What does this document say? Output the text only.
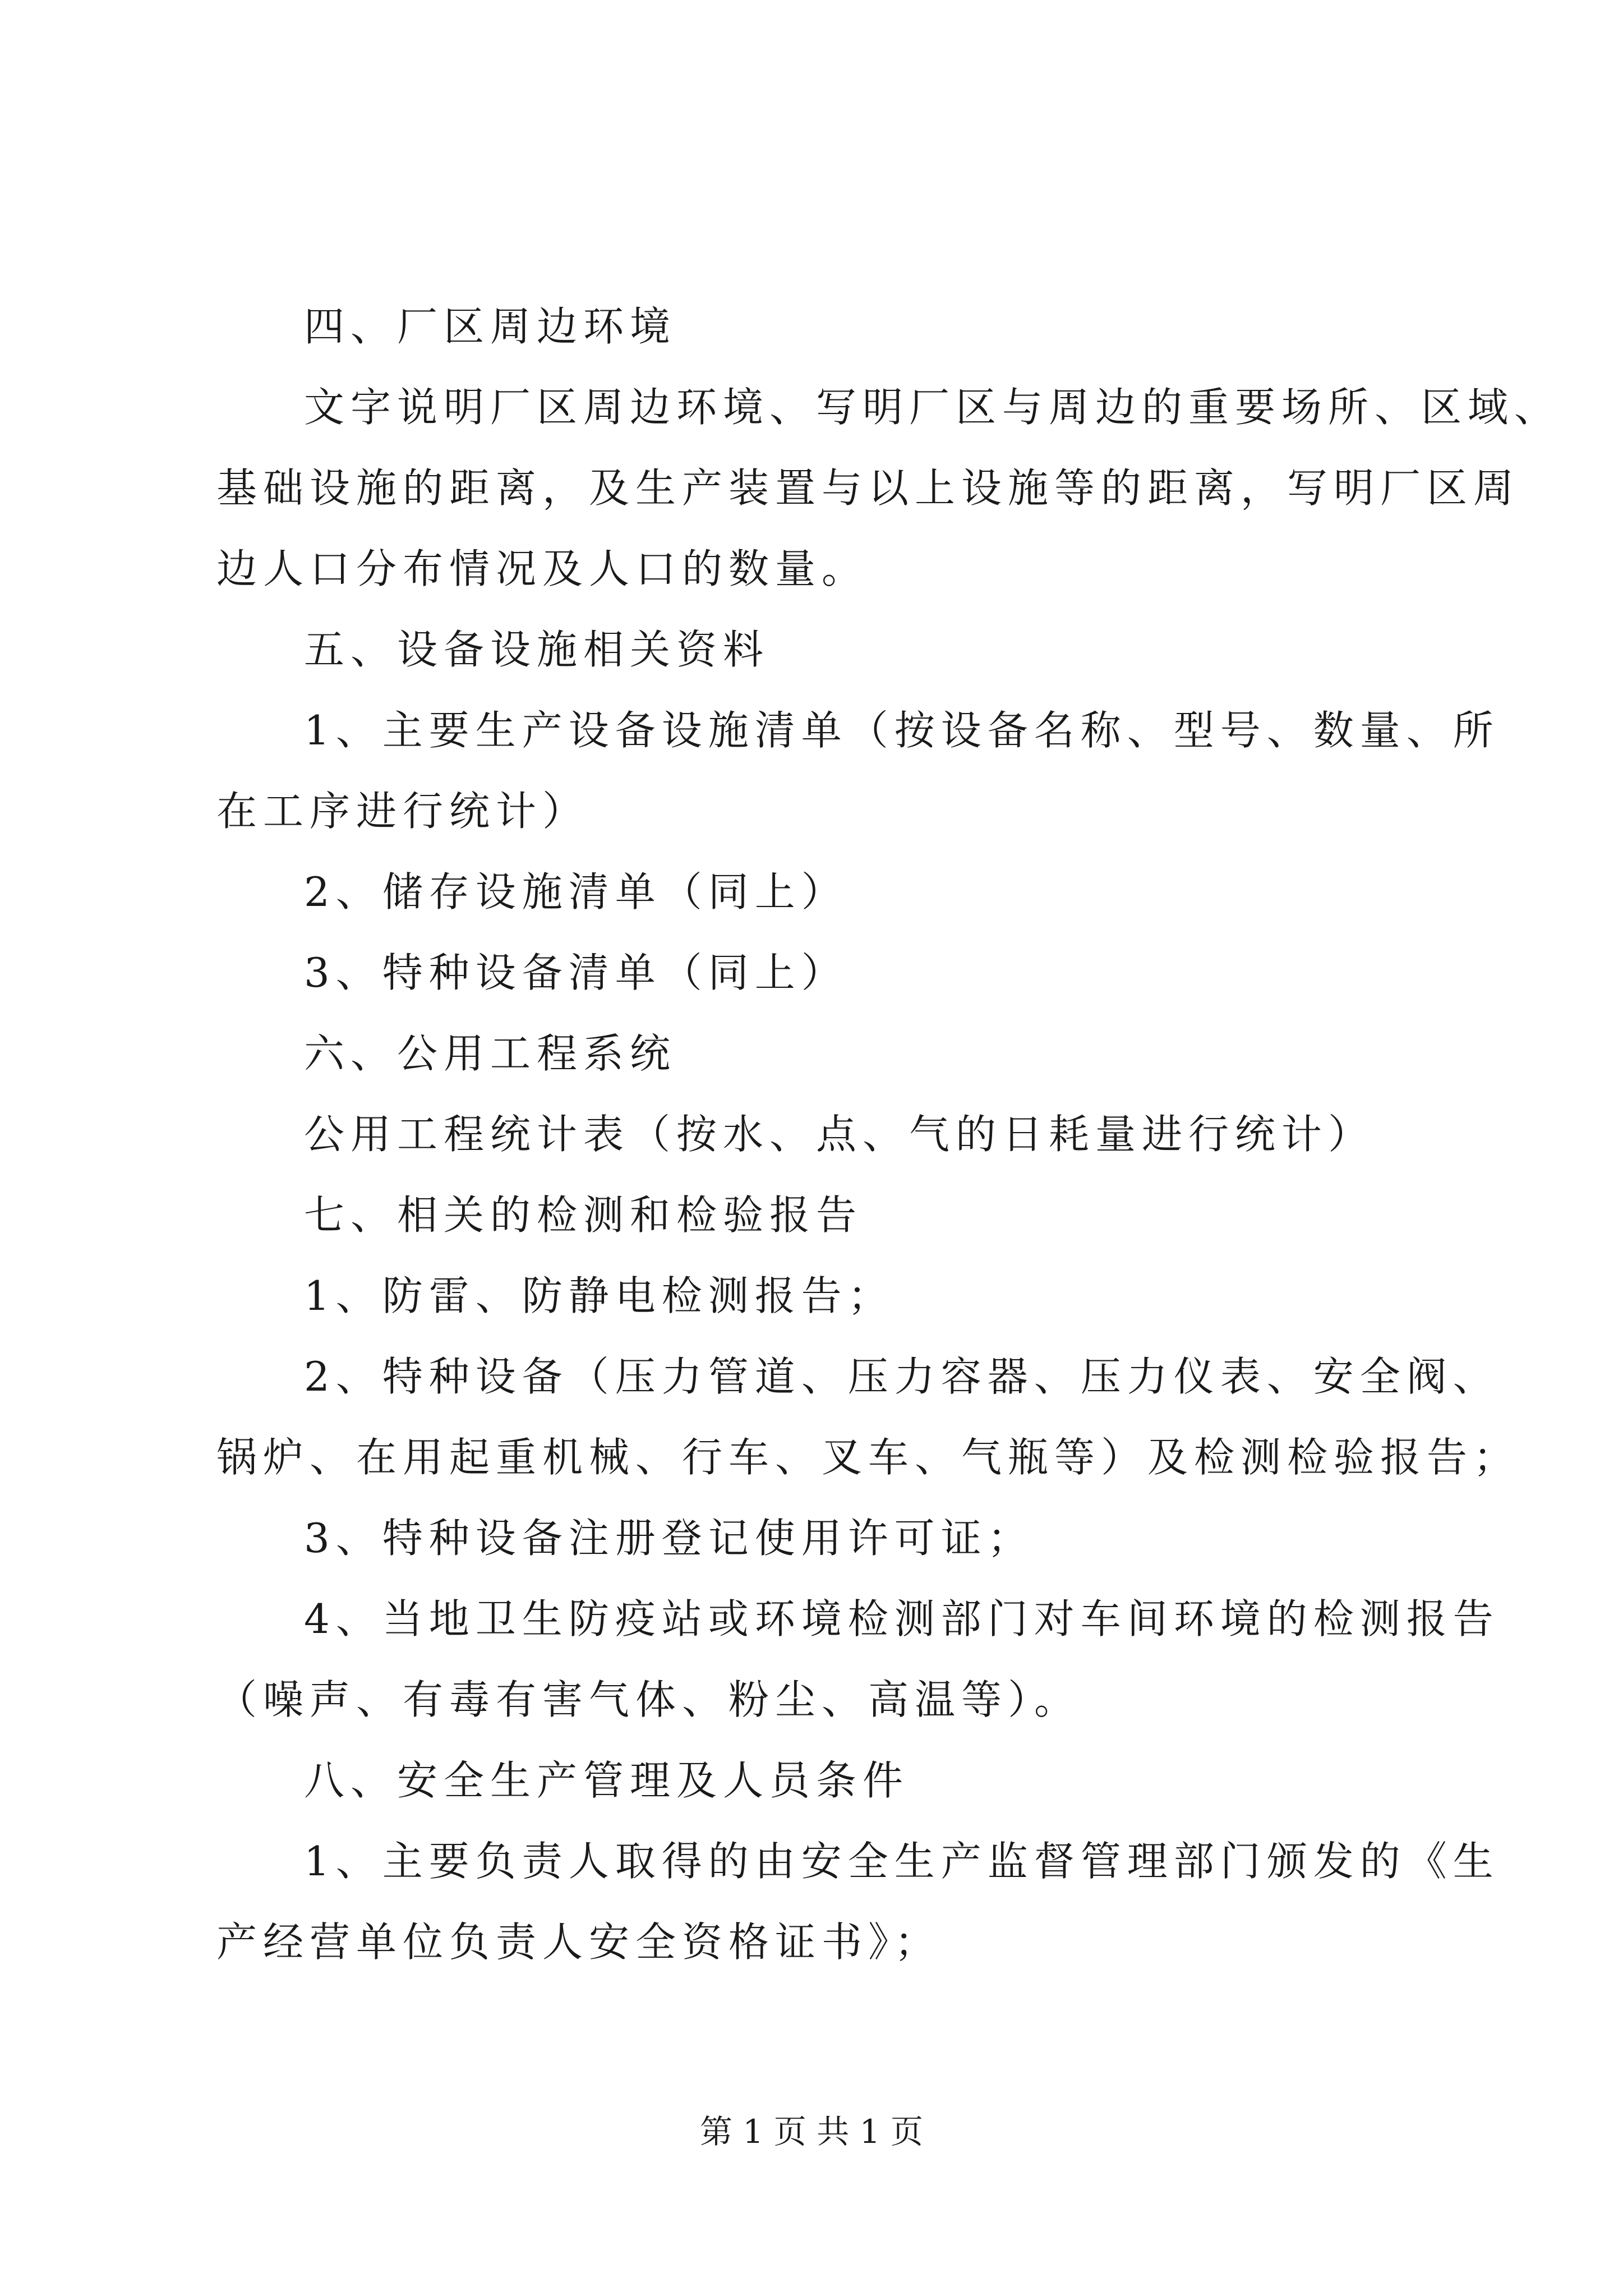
四、厂区周边环境
文字说明厂区周边环境、写明厂区与周边的重要场所、区域、
基础设施的距离，及生产装置与以上设施等的距离，写明厂区周
边人口分布情况及人口的数量。
五、设备设施相关资料
1、主要生产设备设施清单（按设备名称、型号、数量、所
在工序进行统计）
2、储存设施清单（同上）
3、特种设备清单（同上）
六、公用工程系统
公用工程统计表（按水、点、气的日耗量进行统计）
七、相关的检测和检验报告
1、防雷、防静电检测报告；
2、特种设备（压力管道、压力容器、压力仪表、安全阀、
锅炉、在用起重机械、行车、叉车、气瓶等）及检测检验报告；
3、特种设备注册登记使用许可证；
4、当地卫生防疫站或环境检测部门对车间环境的检测报告
（噪声、有毒有害气体、粉尘、高温等）。
八、安全生产管理及人员条件
1、主要负责人取得的由安全生产监督管理部门颁发的《生
产经营单位负责人安全资格证书》；
第 1 页 共 1 页
